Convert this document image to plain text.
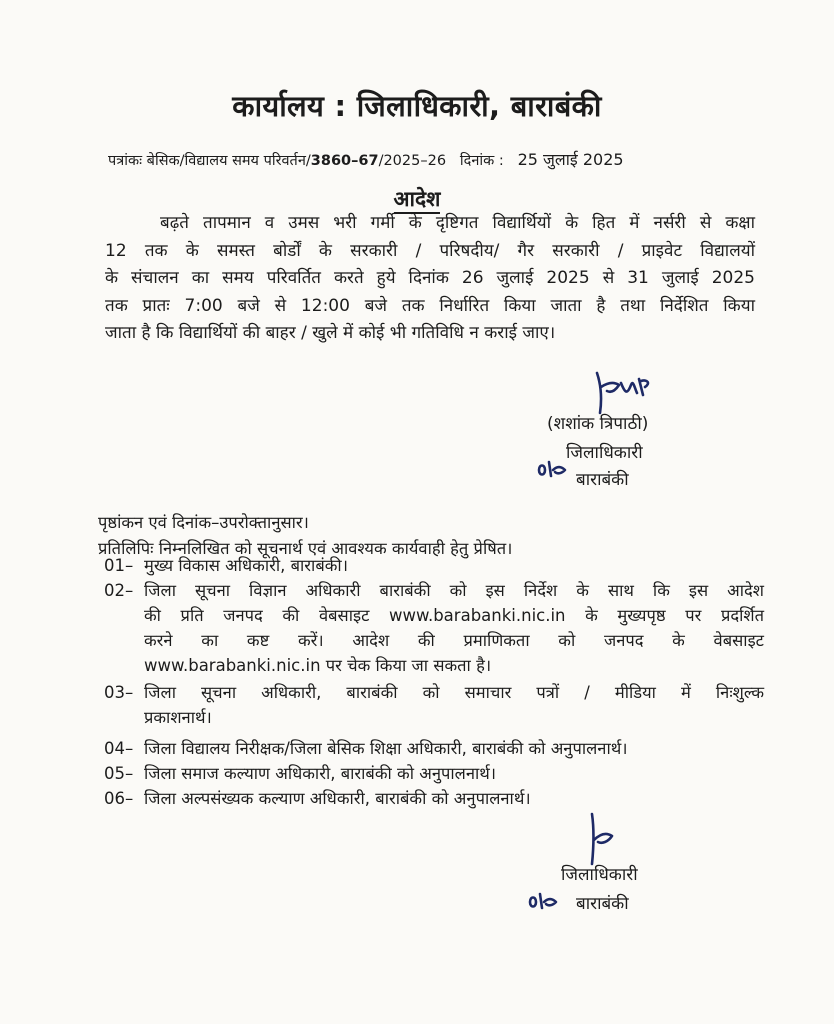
कार्यालय : जिलाधिकारी, बाराबंकी
पत्रांकः बेसिक/विद्यालय समय परिवर्तन/3860–67/2025–26 दिनांक : 25 जुलाई 2025
आदेश
बढ़ते तापमान व उमस भरी गर्मी के दृष्टिगत विद्यार्थियों के हित में नर्सरी से कक्षा
12 तक के समस्त बोर्डों के सरकारी / परिषदीय/ गैर सरकारी / प्राइवेट विद्यालयों
के संचालन का समय परिवर्तित करते हुये दिनांक 26 जुलाई 2025 से 31 जुलाई 2025
तक प्रातः 7:00 बजे से 12:00 बजे तक निर्धारित किया जाता है तथा निर्देशित किया
जाता है कि विद्यार्थियों की बाहर / खुले में कोई भी गतिविधि न कराई जाए।
(शशांक त्रिपाठी)
जिलाधिकारी
बाराबंकी
पृष्ठांकन एवं दिनांक–उपरोक्तानुसार।
प्रतिलिपिः निम्नलिखित को सूचनार्थ एवं आवश्यक कार्यवाही हेतु प्रेषित।
01– मुख्य विकास अधिकारी, बाराबंकी।
02– जिला सूचना विज्ञान अधिकारी बाराबंकी को इस निर्देश के साथ कि इस आदेश
की प्रति जनपद की वेबसाइट www.barabanki.nic.in के मुख्यपृष्ठ पर प्रदर्शित
करने का कष्ट करें। आदेश की प्रमाणिकता को जनपद के वेबसाइट
www.barabanki.nic.in पर चेक किया जा सकता है।
03– जिला सूचना अधिकारी, बाराबंकी को समाचार पत्रों / मीडिया में निःशुल्क
प्रकाशनार्थ।
04– जिला विद्यालय निरीक्षक/जिला बेसिक शिक्षा अधिकारी, बाराबंकी को अनुपालनार्थ।
05– जिला समाज कल्याण अधिकारी, बाराबंकी को अनुपालनार्थ।
06– जिला अल्पसंख्यक कल्याण अधिकारी, बाराबंकी को अनुपालनार्थ।
जिलाधिकारी
बाराबंकी
